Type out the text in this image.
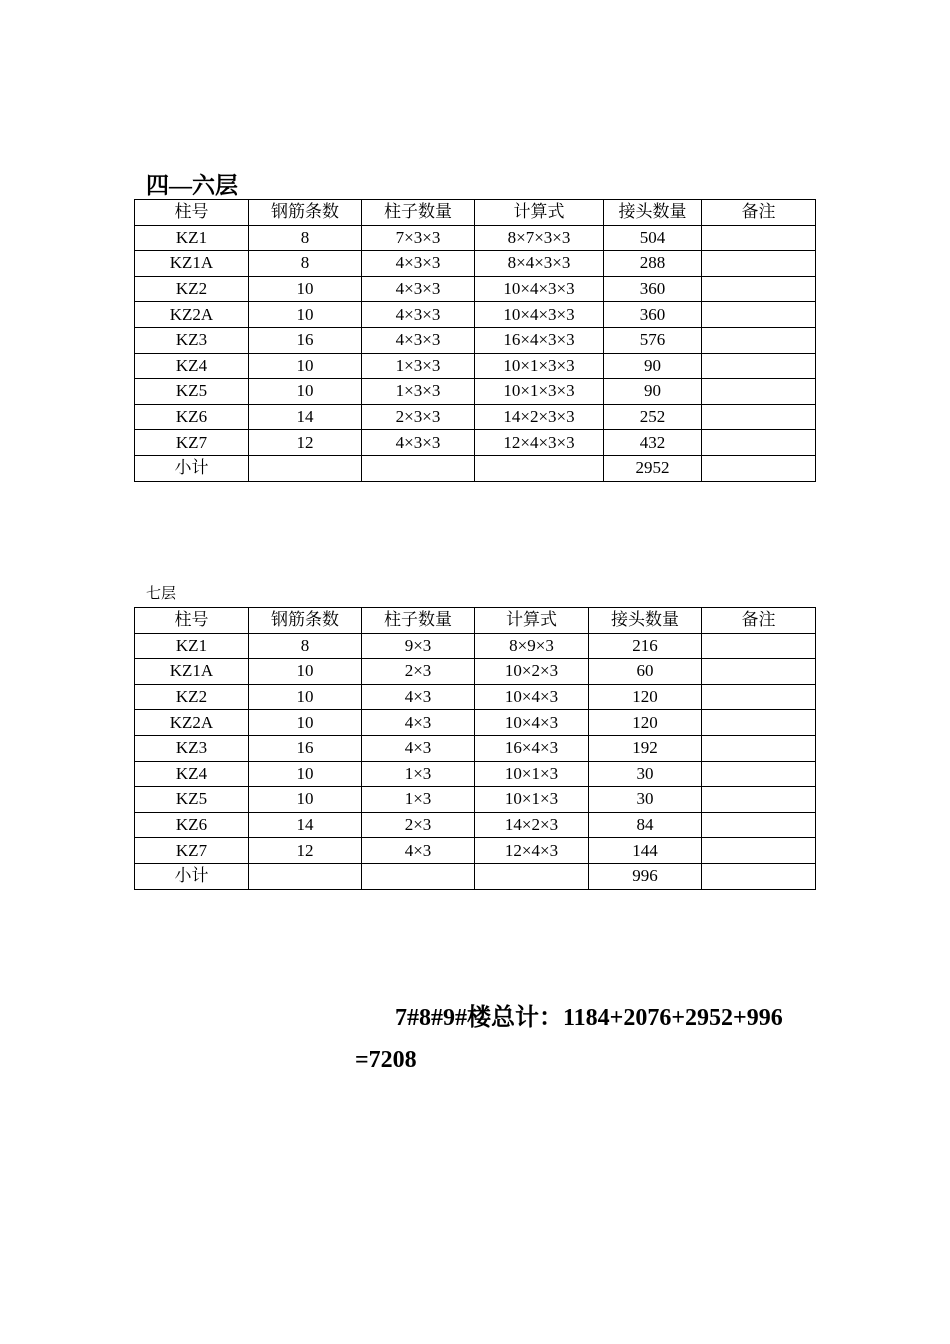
四—六层
柱号	钢筋条数	柱子数量	计算式	接头数量	备注
KZ1	8	7×3×3	8×7×3×3	504	
KZ1A	8	4×3×3	8×4×3×3	288	
KZ2	10	4×3×3	10×4×3×3	360	
KZ2A	10	4×3×3	10×4×3×3	360	
KZ3	16	4×3×3	16×4×3×3	576	
KZ4	10	1×3×3	10×1×3×3	90	
KZ5	10	1×3×3	10×1×3×3	90	
KZ6	14	2×3×3	14×2×3×3	252	
KZ7	12	4×3×3	12×4×3×3	432	
小计				2952	
七层
柱号	钢筋条数	柱子数量	计算式	接头数量	备注
KZ1	8	9×3	8×9×3	216	
KZ1A	10	2×3	10×2×3	60	
KZ2	10	4×3	10×4×3	120	
KZ2A	10	4×3	10×4×3	120	
KZ3	16	4×3	16×4×3	192	
KZ4	10	1×3	10×1×3	30	
KZ5	10	1×3	10×1×3	30	
KZ6	14	2×3	14×2×3	84	
KZ7	12	4×3	12×4×3	144	
小计				996	
7#8#9#楼总计：1184+2076+2952+996
=7208
